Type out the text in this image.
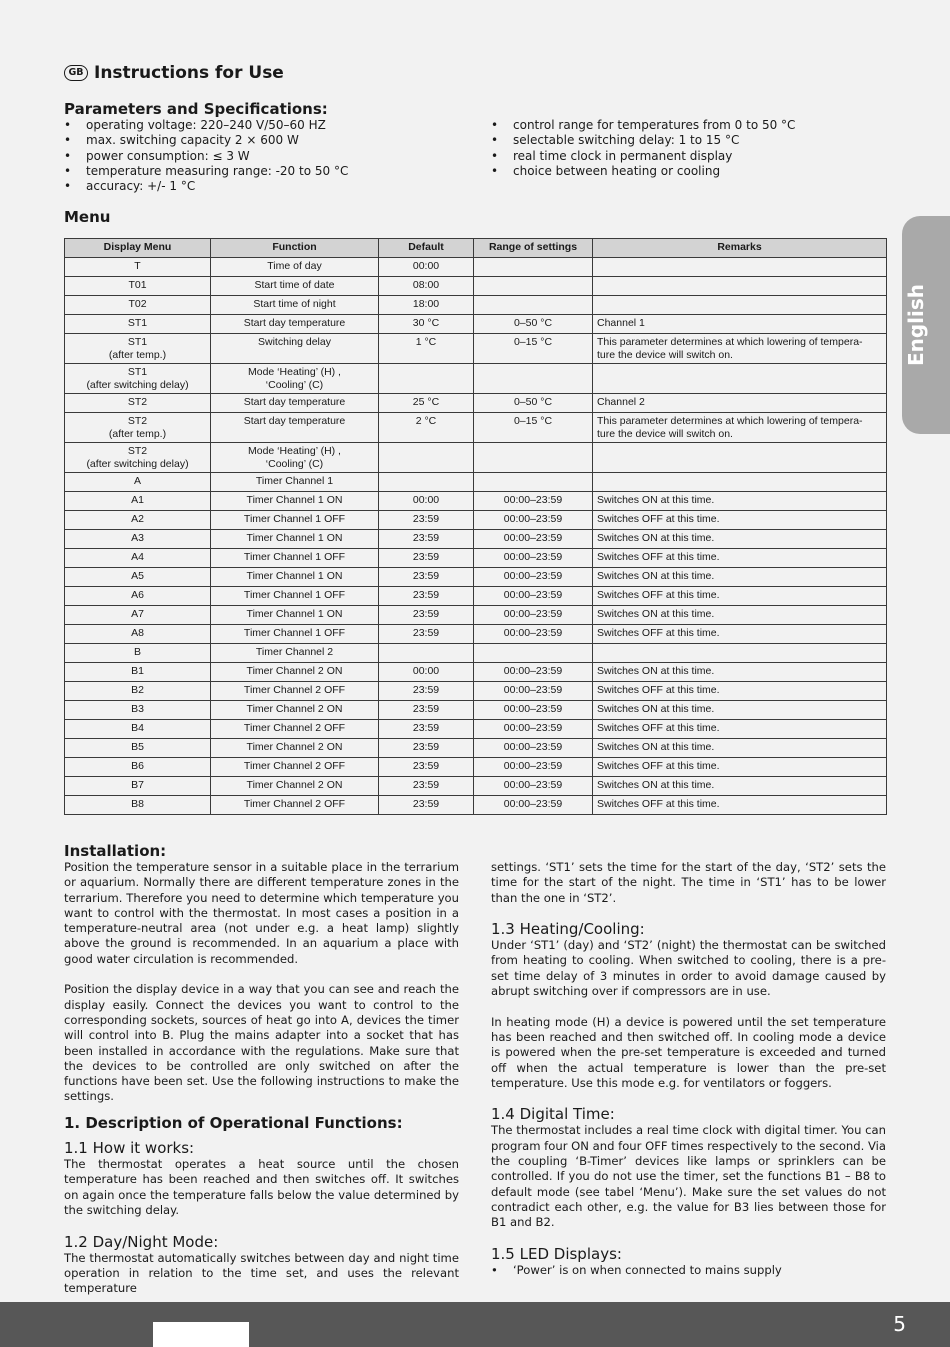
GB Instructions for Use
Parameters and Specifications:
• operating voltage: 220–240 V/50–60 HZ
• max. switching capacity 2 × 600 W
• power consumption: ≤ 3 W
• temperature measuring range: -20 to 50 °C
• accuracy: +/- 1 °C
• control range for temperatures from 0 to 50 °C
• selectable switching delay: 1 to 15 °C
• real time clock in permanent display
• choice between heating or cooling
Menu
Display Menu	Function	Default	Range of settings	Remarks
T	Time of day	00:00		
T01	Start time of date	08:00		
T02	Start time of night	18:00		
ST1	Start day temperature	30 °C	0–50 °C	Channel 1
ST1
(after temp.)	Switching delay	1 °C	0–15 °C	This parameter determines at which lowering of tempera-
ture the device will switch on.
ST1
(after switching delay)	Mode ‘Heating’ (H) ,
‘Cooling’ (C)			
ST2	Start day temperature	25 °C	0–50 °C	Channel 2
ST2
(after temp.)	Start day temperature	2 °C	0–15 °C	This parameter determines at which lowering of tempera-
ture the device will switch on.
ST2
(after switching delay)	Mode ‘Heating’ (H) ,
‘Cooling’ (C)			
A	Timer Channel 1			
A1	Timer Channel 1 ON	00:00	00:00–23:59	Switches ON at this time.
A2	Timer Channel 1 OFF	23:59	00:00–23:59	Switches OFF at this time.
A3	Timer Channel 1 ON	23:59	00:00–23:59	Switches ON at this time.
A4	Timer Channel 1 OFF	23:59	00:00–23:59	Switches OFF at this time.
A5	Timer Channel 1 ON	23:59	00:00–23:59	Switches ON at this time.
A6	Timer Channel 1 OFF	23:59	00:00–23:59	Switches OFF at this time.
A7	Timer Channel 1 ON	23:59	00:00–23:59	Switches ON at this time.
A8	Timer Channel 1 OFF	23:59	00:00–23:59	Switches OFF at this time.
B	Timer Channel 2			
B1	Timer Channel 2 ON	00:00	00:00–23:59	Switches ON at this time.
B2	Timer Channel 2 OFF	23:59	00:00–23:59	Switches OFF at this time.
B3	Timer Channel 2 ON	23:59	00:00–23:59	Switches ON at this time.
B4	Timer Channel 2 OFF	23:59	00:00–23:59	Switches OFF at this time.
B5	Timer Channel 2 ON	23:59	00:00–23:59	Switches ON at this time.
B6	Timer Channel 2 OFF	23:59	00:00–23:59	Switches OFF at this time.
B7	Timer Channel 2 ON	23:59	00:00–23:59	Switches ON at this time.
B8	Timer Channel 2 OFF	23:59	00:00–23:59	Switches OFF at this time.
Installation:

Position the temperature sensor in a suitable place in the terrarium or aquarium. Normally there are different temperature zones in the terrarium. Therefore you need to determine which temperature you want to control with the thermostat. In most cases a position in a temperature-neutral area (not under e.g. a heat lamp) slightly above the ground is recommended. In an aquarium a place with good water circulation is recommended.

Position the display device in a way that you can see and reach the display easily. Connect the devices you want to control to the corresponding sockets, sources of heat go into A, devices the timer will control into B. Plug the mains adapter into a socket that has been installed in accordance with the regulations. Make sure that the devices to be controlled are only switched on after the functions have been set. Use the following instructions to make the settings.

1. Description of Operational Functions:
1.1 How it works:

The thermostat operates a heat source until the chosen temperature has been reached and then switches off. It switches on again once the temperature falls below the value determined by the switching delay.

1.2 Day/Night Mode:

The thermostat automatically switches between day and night time operation in relation to the time set, and uses the relevant temperature

settings. ‘ST1’ sets the time for the start of the day, ‘ST2’ sets the time for the start of the night. The time in ‘ST1’ has to be lower than the one in ‘ST2’.

1.3 Heating/Cooling:

Under ‘ST1’ (day) and ‘ST2’ (night) the thermostat can be switched from heating to cooling. When switched to cooling, there is a pre-set time delay of 3 minutes in order to avoid damage caused by abrupt switching over if compressors are in use.

In heating mode (H) a device is powered until the set temperature has been reached and then switched off. In cooling mode a device is powered when the pre-set temperature is exceeded and turned off when the actual temperature is lower than the pre-set temperature. Use this mode e.g. for ventilators or foggers.

1.4 Digital Time:

The thermostat includes a real time clock with digital timer. You can program four ON and four OFF times respectively to the second. Via the coupling ‘B-Timer’ devices like lamps or sprinklers can be controlled. If you do not use the timer, set the functions B1 – B8 to default mode (see tabel ‘Menu’). Make sure the set values do not contradict each other, e.g. the value for B3 lies between those for B1 and B2.

1.5 LED Displays:

• ‘Power’ is on when connected to mains supply

English
5
